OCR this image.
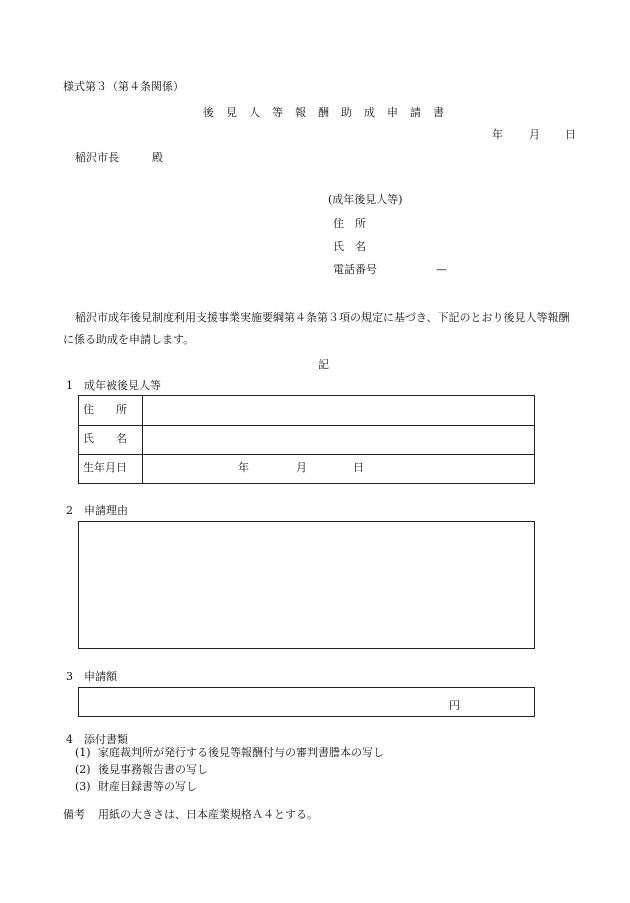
様式第３（第４条関係）
後見人等報酬助成申請書
年 月 日
稲沢市長	殿
(成年後見人等)
住　所
氏　名
電話番号	—
稲沢市成年後見制度利用支援事業実施要綱第４条第３項の規定に基づき、下記のとおり後見人等報酬
に係る助成を申請します。
記
1　成年被後見人等
住　　所
氏　　名
生年月日	年	月	日
2　申請理由
3　申請額
円
4　添付書類
(1) 家庭裁判所が発行する後見等報酬付与の審判書謄本の写し
(2) 後見事務報告書の写し
(3) 財産目録書等の写し
備考 用紙の大きさは、日本産業規格Ａ４とする。
